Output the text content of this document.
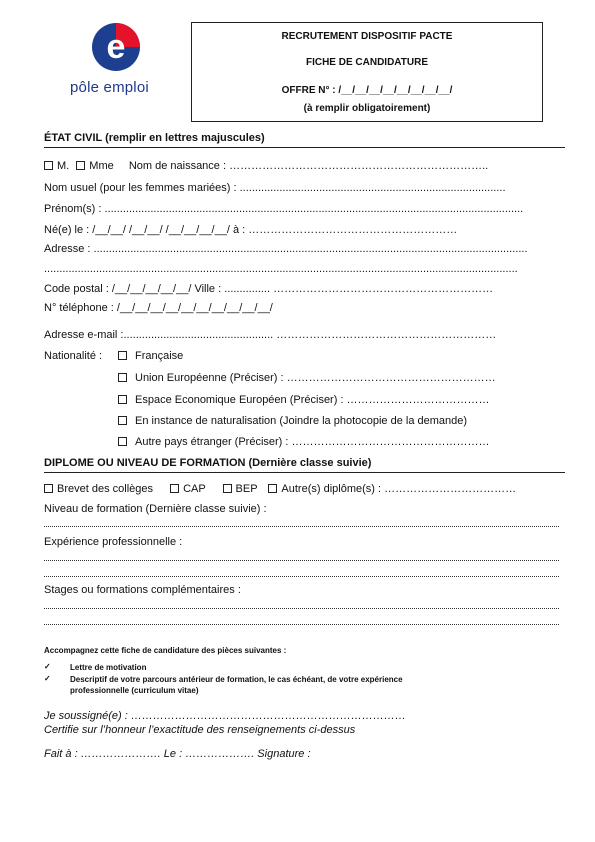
e
pôle emploi
RECRUTEMENT DISPOSITIF PACTE
FICHE DE CANDIDATURE
OFFRE N° : /__/__/__/__/__/__/__/__/
(à remplir obligatoirement)
ÉTAT CIVIL (remplir en lettres majuscules)
M. Mme Nom de naissance : ……………………………………………………………..
Nom usuel (pour les femmes mariées) : .......................................................................................
Prénom(s) : .........................................................................................................................................
Né(e) le : /__/__/ /__/__/ /__/__/__/__/ à : …………………………………………………
Adresse : ..............................................................................................................................................
...........................................................................................................................................................
Code postal : /__/__/__/__/__/ Ville : ............... ……………………………………………………
N° téléphone : /__/__/__/__/__/__/__/__/__/__/
Adresse e-mail :................................................. ……………………………………………………
Nationalité :	Française
Union Européenne (Préciser) : …………………………………………………
Espace Economique Européen (Préciser) : …………………………………
En instance de naturalisation (Joindre la photocopie de la demande)
Autre pays étranger (Préciser) : ………………………………………………
DIPLOME OU NIVEAU DE FORMATION (Dernière classe suivie)
Brevet des collèges	CAP	BEP Autre(s) diplôme(s) : ………………………………
Niveau de formation (Dernière classe suivie) :
Expérience professionnelle :
Stages ou formations complémentaires :
Accompagnez cette fiche de candidature des pièces suivantes :
✓ Lettre de motivation
✓ Descriptif de votre parcours antérieur de formation, le cas échéant, de votre expérience
professionnelle (curriculum vitae)
Je soussigné(e) : …………………………………………………………………
Certifie sur l’honneur l’exactitude des renseignements ci-dessus
Fait à : …………………. Le : ………………. Signature :
